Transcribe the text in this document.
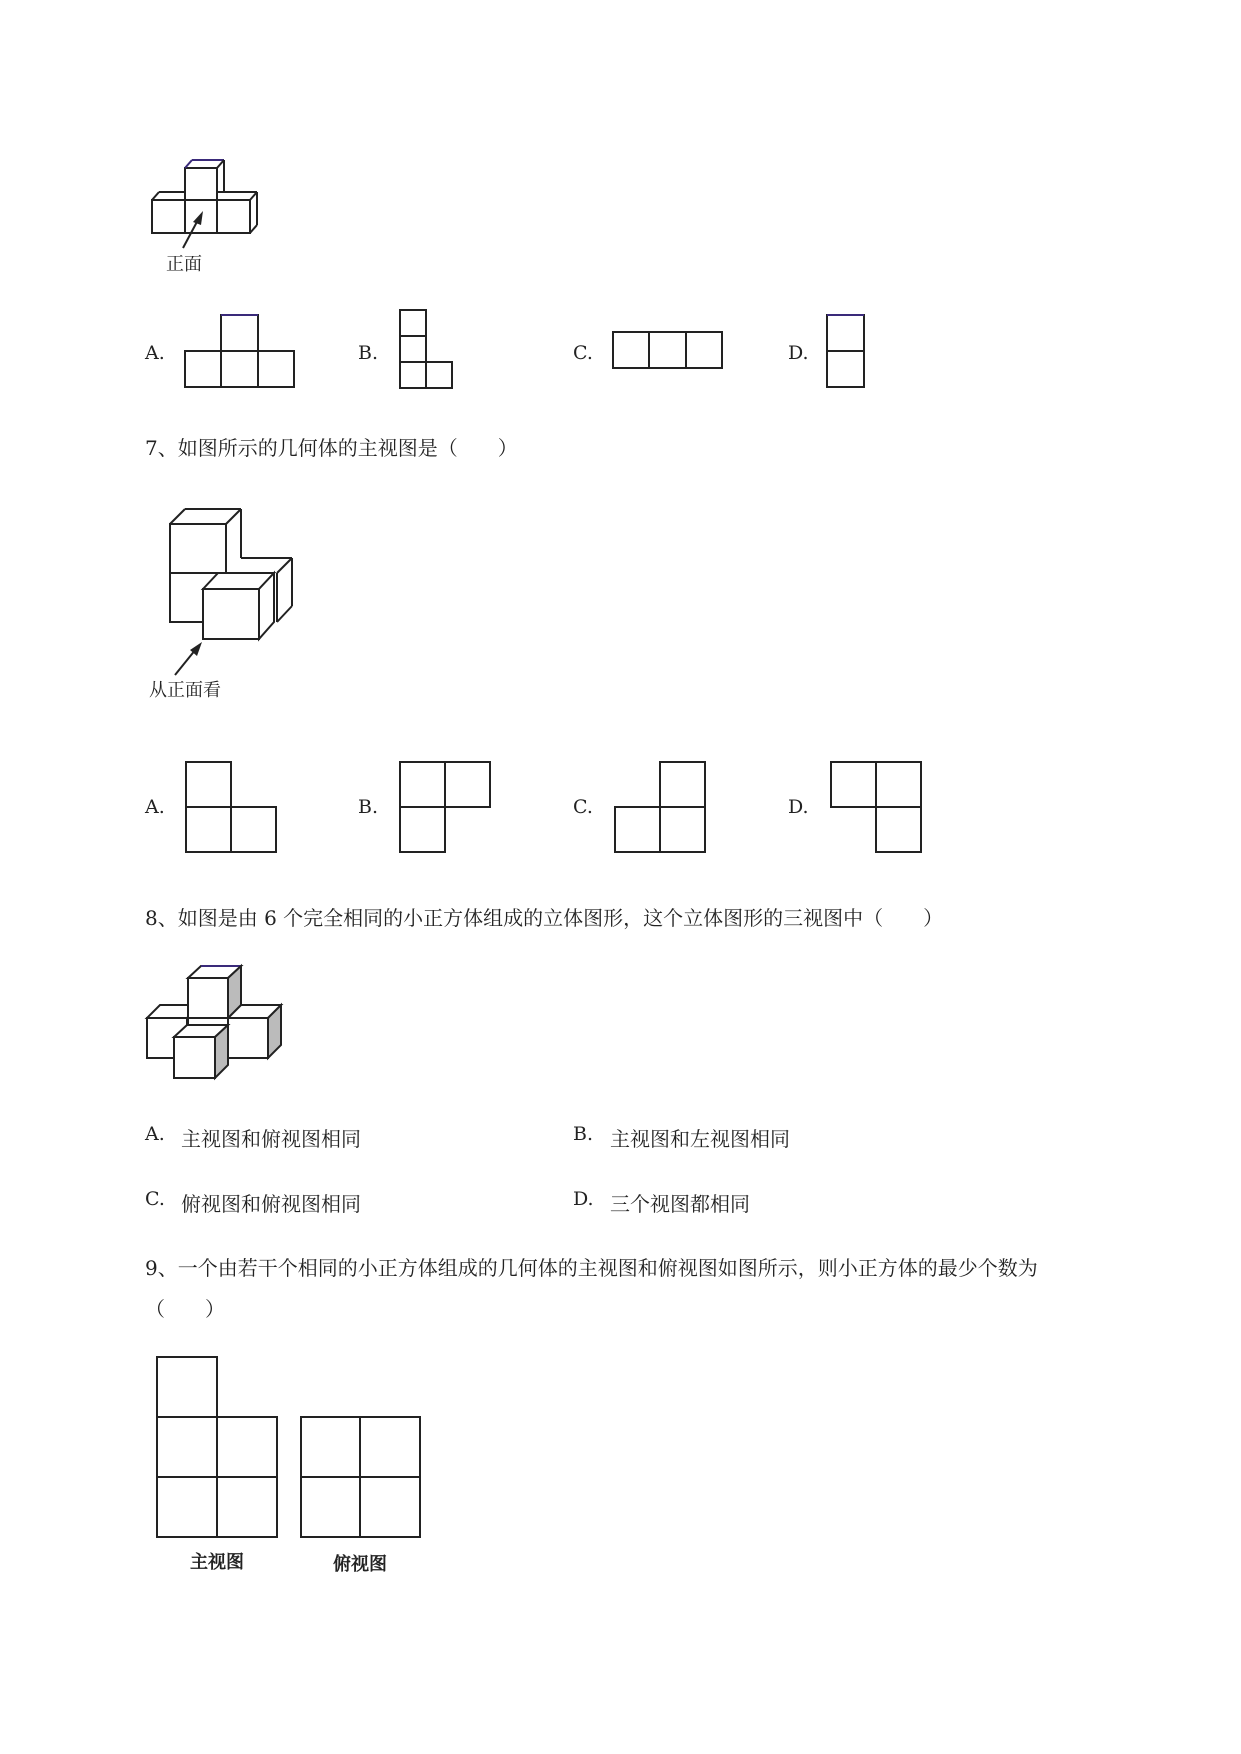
正面
A.	B.	C.	D.
7、如图所示的几何体的主视图是（　　）
从正面看
A.	B.	C.	D.
8、如图是由 6 个完全相同的小正方体组成的立体图形，这个立体图形的三视图中（　　）
A. 主视图和俯视图相同	B. 主视图和左视图相同
C. 俯视图和俯视图相同	D. 三个视图都相同
9、一个由若干个相同的小正方体组成的几何体的主视图和俯视图如图所示，则小正方体的最少个数为
（　　）
主视图	俯视图
